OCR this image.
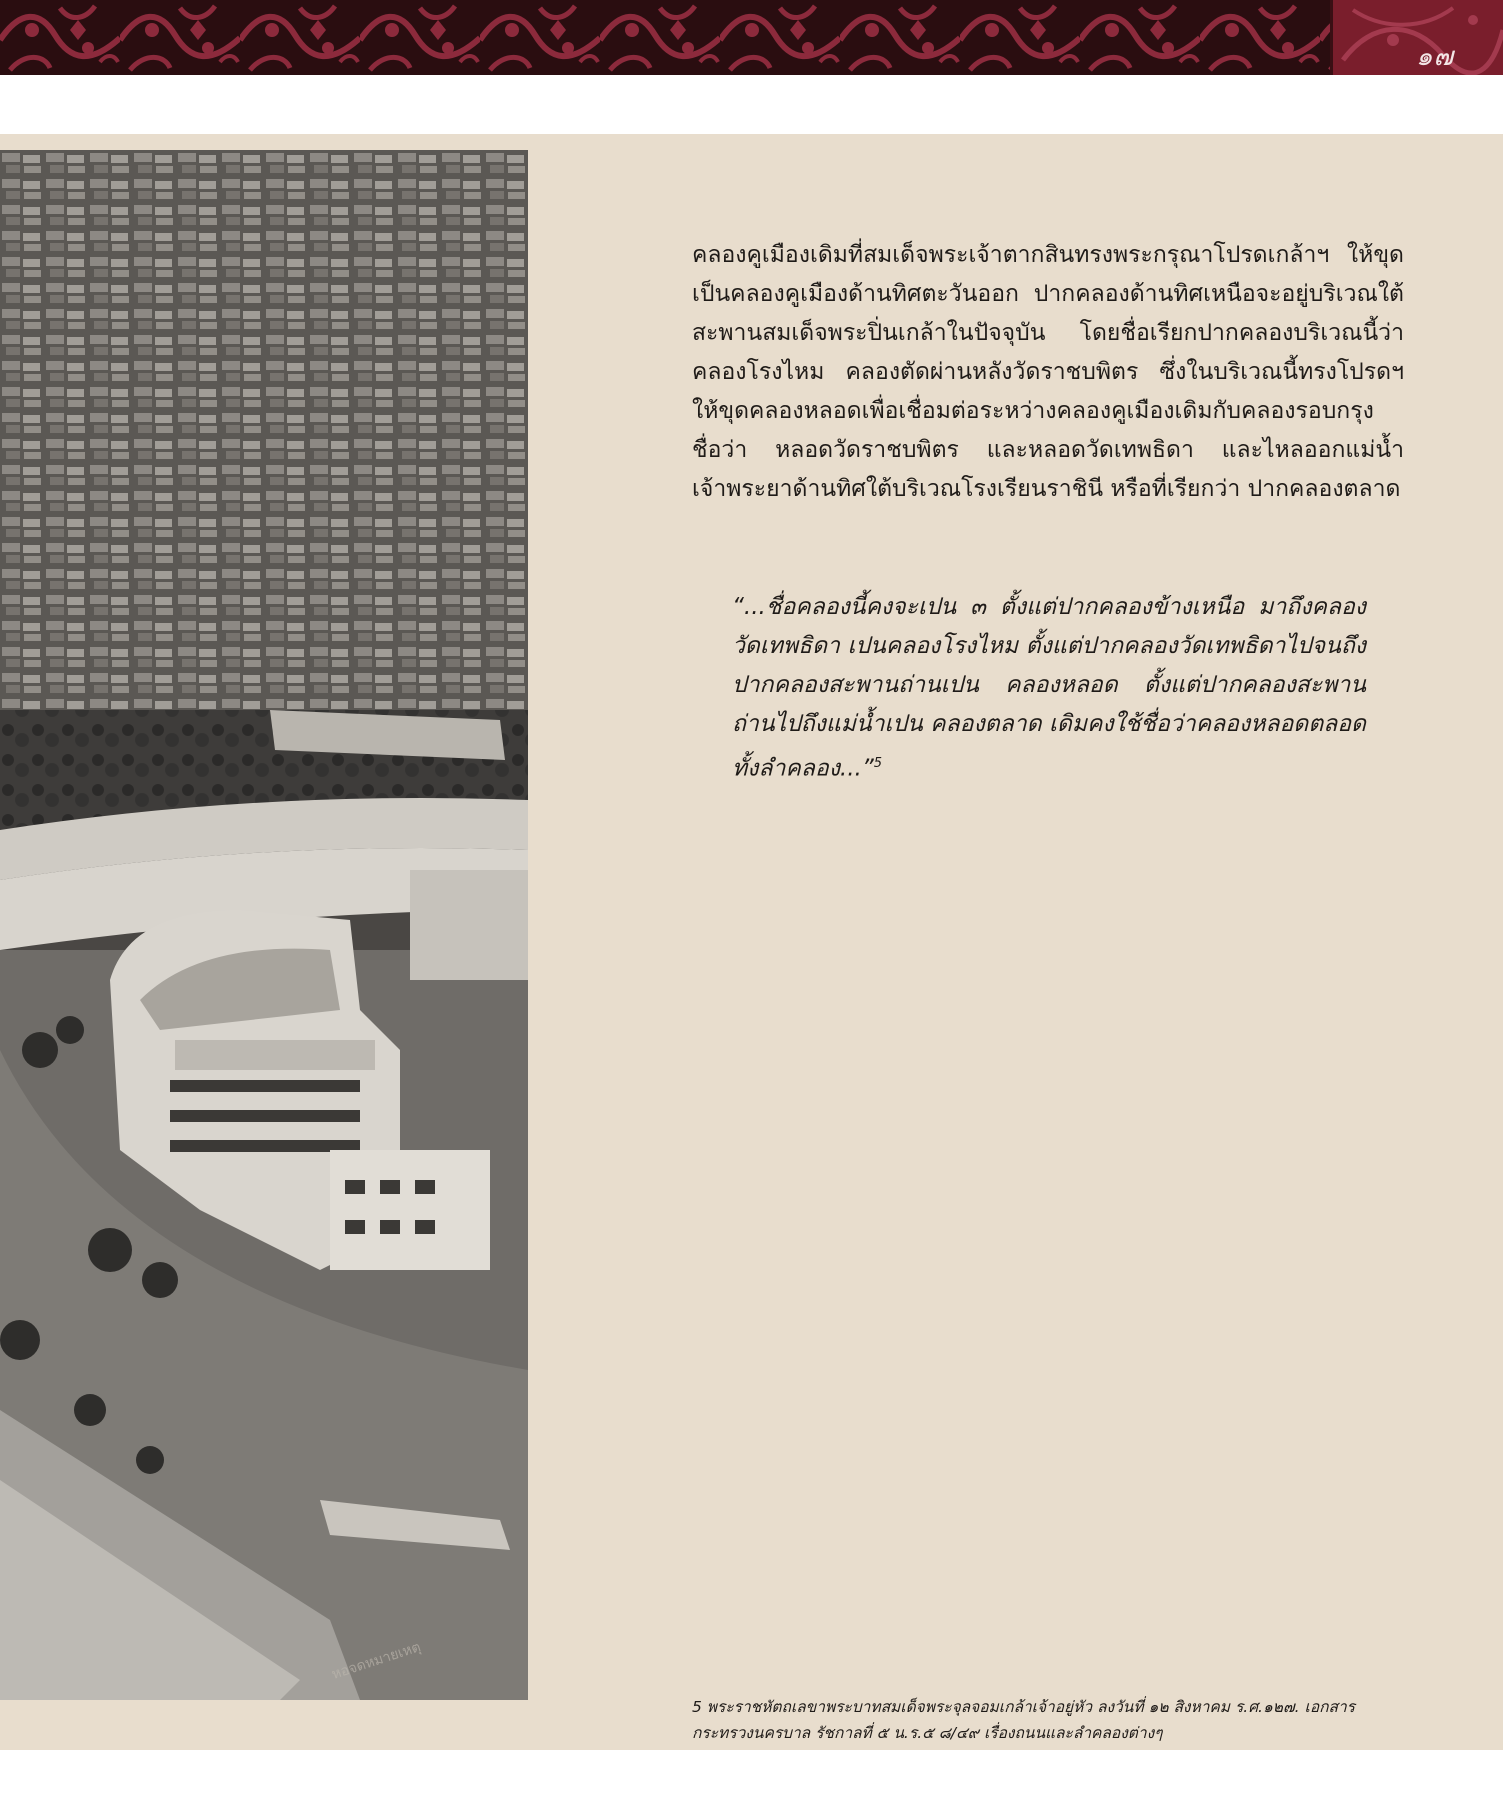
๑๗
หอจดหมายเหตุ

คลองคูเมืองเดิมที่สมเด็จพระเจ้าตากสินทรงพระกรุณาโปรดเกล้าฯ ให้ขุดเป็นคลองคูเมืองด้านทิศตะวันออก ปากคลองด้านทิศเหนือจะอยู่บริเวณใต้สะพานสมเด็จพระปิ่นเกล้าในปัจจุบัน โดยชื่อเรียกปากคลองบริเวณนี้ว่า คลองโรงไหม คลองตัดผ่านหลังวัดราชบพิตร ซึ่งในบริเวณนี้ทรงโปรดฯ ให้ขุดคลองหลอดเพื่อเชื่อมต่อระหว่างคลองคูเมืองเดิมกับคลองรอบกรุง ชื่อว่า หลอดวัดราชบพิตร และหลอดวัดเทพธิดา และไหลออกแม่น้ำเจ้าพระยาด้านทิศใต้บริเวณโรงเรียนราชินี หรือที่เรียกว่า ปากคลองตลาด

“...ชื่อคลองนี้คงจะเปน ๓ ตั้งแต่ปากคลองข้างเหนือ มาถึงคลองวัดเทพธิดา เปนคลองโรงไหม ตั้งแต่ปากคลองวัดเทพธิดาไปจนถึงปากคลองสะพานถ่านเปน คลองหลอด ตั้งแต่ปากคลองสะพานถ่านไปถึงแม่น้ำเปน คลองตลาด เดิมคงใช้ชื่อว่าคลองหลอดตลอดทั้งลำคลอง...”$^5$

5 พระราชหัตถเลขาพระบาทสมเด็จพระจุลจอมเกล้าเจ้าอยู่หัว ลงวันที่ ๑๒ สิงหาคม ร.ศ.๑๒๗. เอกสาร

กระทรวงนครบาล รัชกาลที่ ๕ น.ร.๕ ๘/๔๙ เรื่องถนนและลำคลองต่างๆ
